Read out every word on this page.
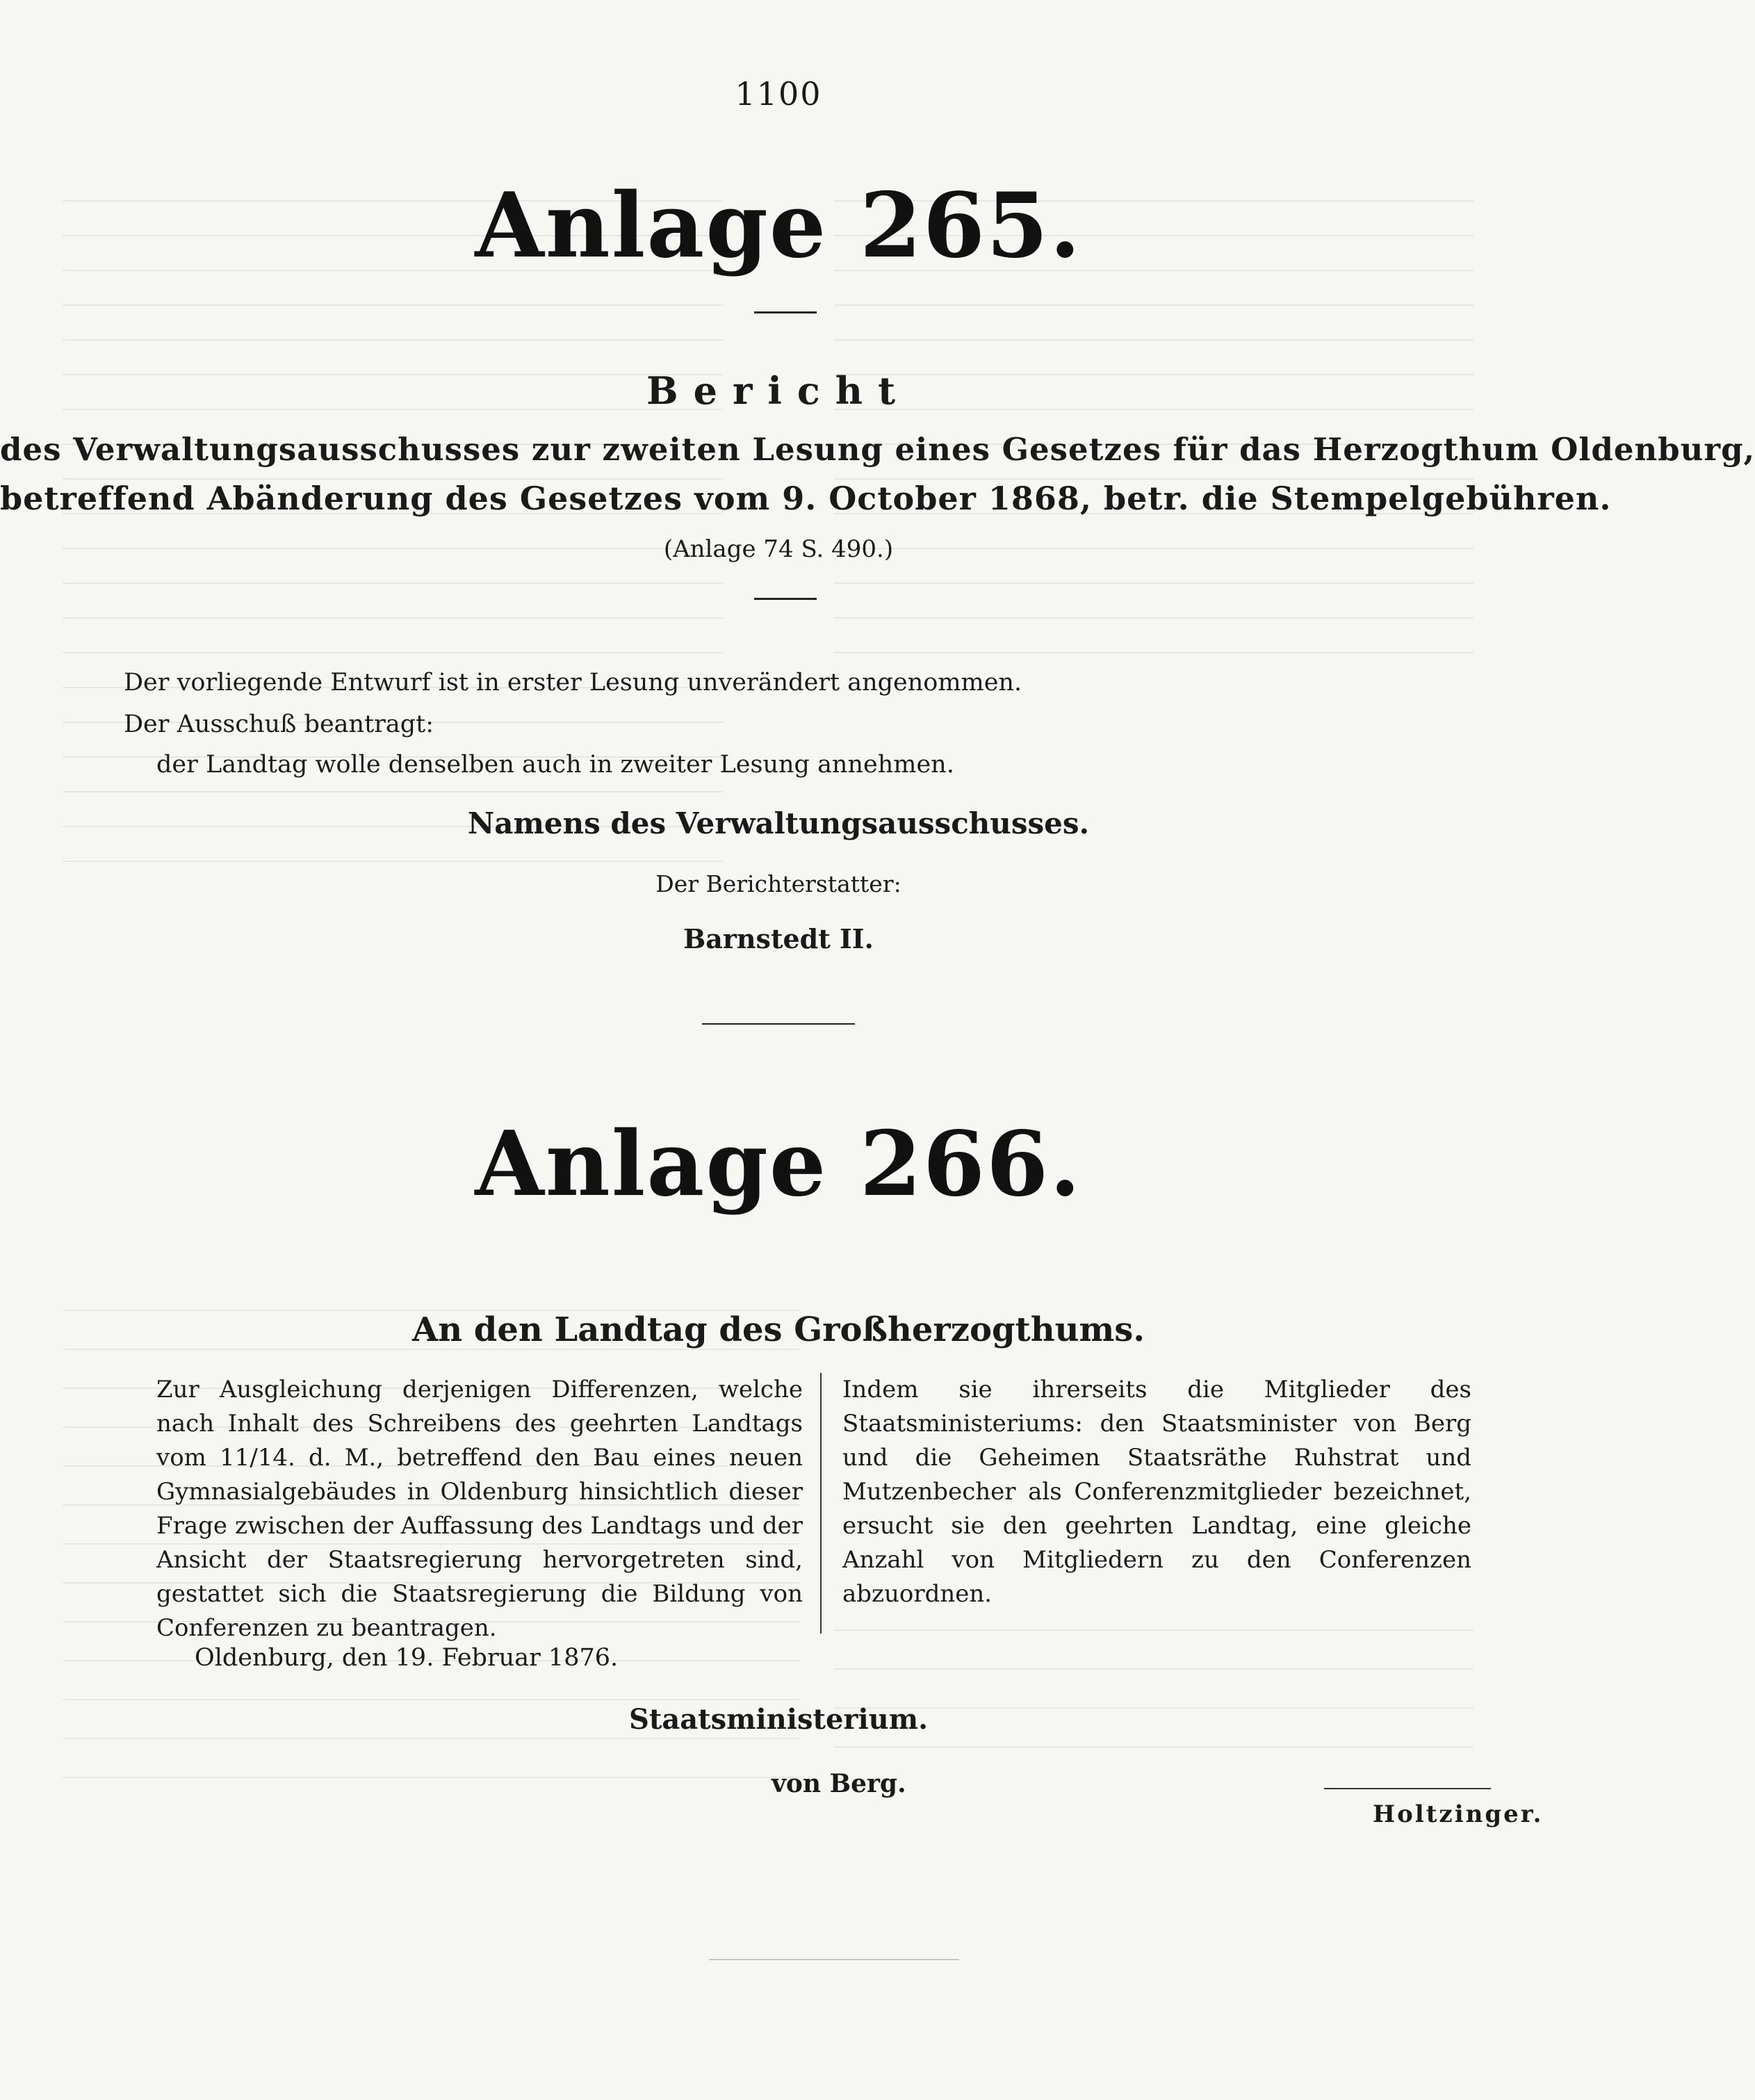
1100
Anlage 265.
Bericht
des Verwaltungsausschusses zur zweiten Lesung eines Gesetzes für das Herzogthum Oldenburg,
betreffend Abänderung des Gesetzes vom 9. October 1868, betr. die Stempelgebühren.
(Anlage 74 S. 490.)
Der vorliegende Entwurf ist in erster Lesung unverändert angenommen.
Der Ausschuß beantragt:
der Landtag wolle denselben auch in zweiter Lesung annehmen.
Namens des Verwaltungsausschusses.
Der Berichterstatter:
Barnstedt II.
Anlage 266.
An den Landtag des Großherzogthums.
Zur Ausgleichung derjenigen Differenzen, welche nach Inhalt des Schreibens des geehrten Landtags vom 11/14. d. M., betreffend den Bau eines neuen Gymnasialgebäudes in Oldenburg hinsichtlich dieser Frage zwischen der Auffassung des Landtags und der Ansicht der Staatsregierung hervorgetreten sind, gestattet sich die Staatsregierung die Bildung von Conferenzen zu beantragen.
Indem sie ihrerseits die Mitglieder des Staatsministeriums: den Staatsminister von Berg und die Geheimen Staatsräthe Ruhstrat und Mutzenbecher als Conferenzmitglieder bezeichnet, ersucht sie den geehrten Landtag, eine gleiche Anzahl von Mitgliedern zu den Conferenzen abzuordnen.
Oldenburg, den 19. Februar 1876.
Staatsministerium.
von Berg.
Holtzinger.
